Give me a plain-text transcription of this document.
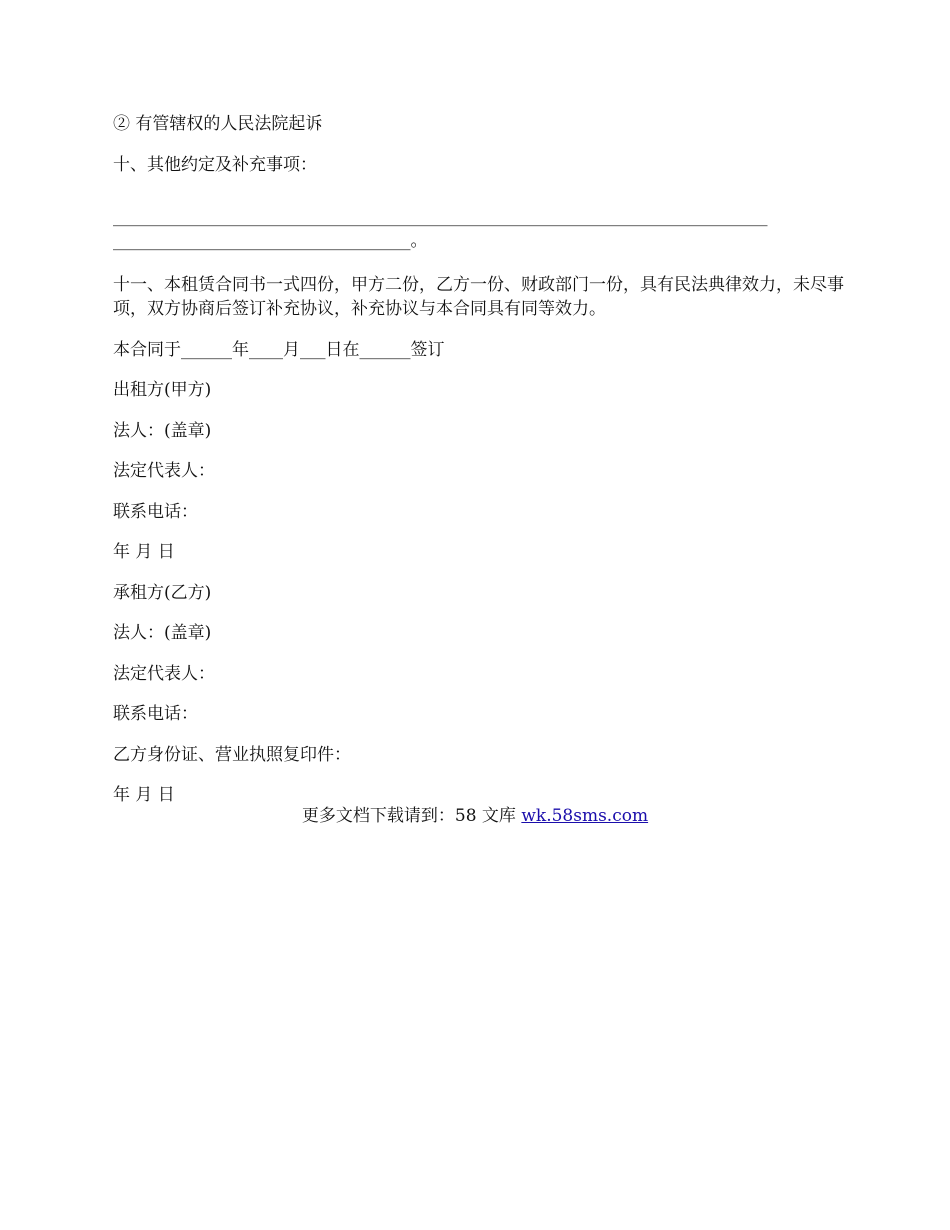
② 有管辖权的人民法院起诉

十、其他约定及补充事项：

_____________________________________________________________________________

___________________________________。

十一、本租赁合同书一式四份，甲方二份，乙方一份、财政部门一份，具有民法典律效力，未尽事项，双方协商后签订补充协议，补充协议与本合同具有同等效力。

本合同于______年____月___日在______签订

出租方(甲方)

法人：(盖章)

法定代表人：

联系电话：

年 月 日

承租方(乙方)

法人：(盖章)

法定代表人：

联系电话：

乙方身份证、营业执照复印件：

年 月 日

更多文档下载请到：58 文库 wk.58sms.com
